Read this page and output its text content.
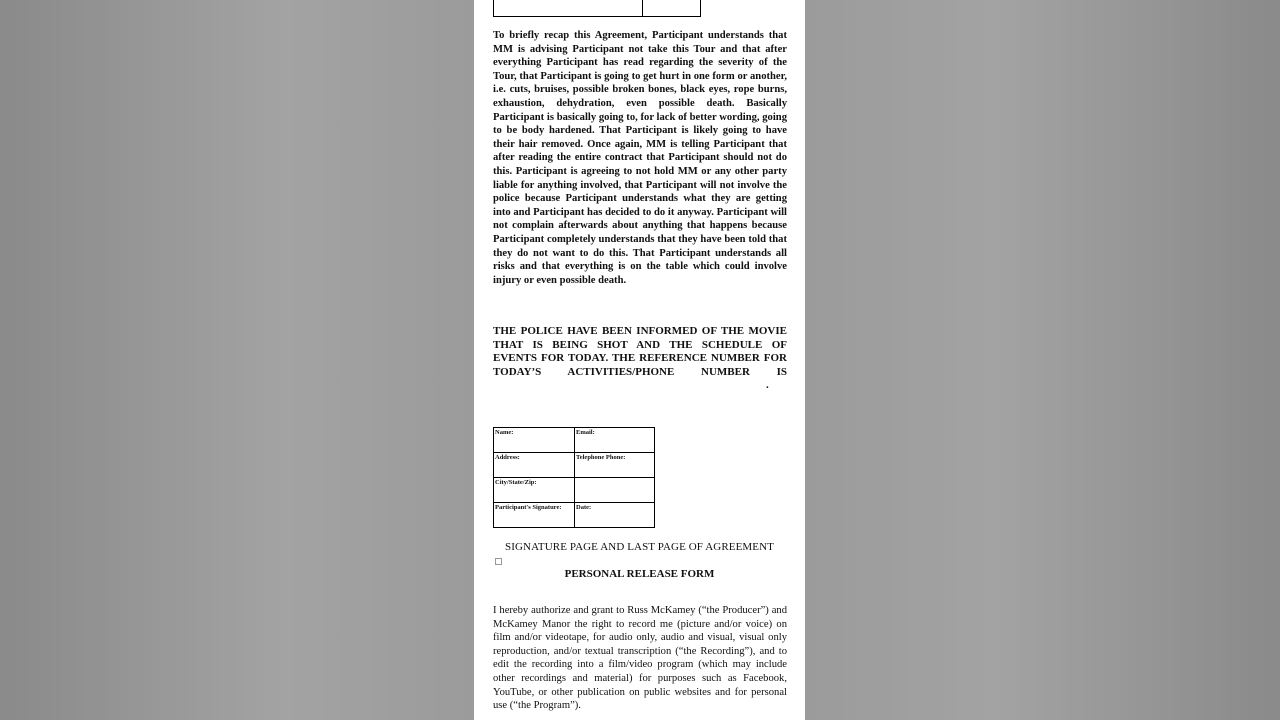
To briefly recap this Agreement, Participant understands that MM is advising Participant not take this Tour and that after everything Participant has read regarding the severity of the Tour, that Participant is going to get hurt in one form or another, i.e. cuts, bruises, possible broken bones, black eyes, rope burns, exhaustion, dehydration, even possible death. Basically Participant is basically going to, for lack of better wording, going to be body hardened. That Participant is likely going to have their hair removed. Once again, MM is telling Participant that after reading the entire contract that Participant should not do this. Participant is agreeing to not hold MM or any other party liable for anything involved, that Participant will not involve the police because Participant understands what they are getting into and Participant has decided to do it anyway. Participant will not complain afterwards about anything that happens because Participant completely understands that they have been told that they do not want to do this. That Participant understands all risks and that everything is on the table which could involve injury or even possible death.

THE POLICE HAVE BEEN INFORMED OF THE MOVIE THAT IS BEING SHOT AND THE SCHEDULE OF EVENTS FOR TODAY. THE REFERENCE NUMBER FOR TODAY’S ACTIVITIES/PHONE NUMBER IS

.
Name:	Email:
Address:	Telephone Phone:
City/State/Zip:	
Participant's Signature:	Date:
SIGNATURE PAGE AND LAST PAGE OF AGREEMENT
PERSONAL RELEASE FORM

I hereby authorize and grant to Russ McKamey (“the Producer”) and McKamey Manor the right to record me (picture and/or voice) on film and/or videotape, for audio only, audio and visual, visual only reproduction, and/or textual transcription (“the Recording”), and to edit the recording into a film/video program (which may include other recordings and material) for purposes such as Facebook, YouTube, or other publication on public websites and for personal use (“the Program”).
